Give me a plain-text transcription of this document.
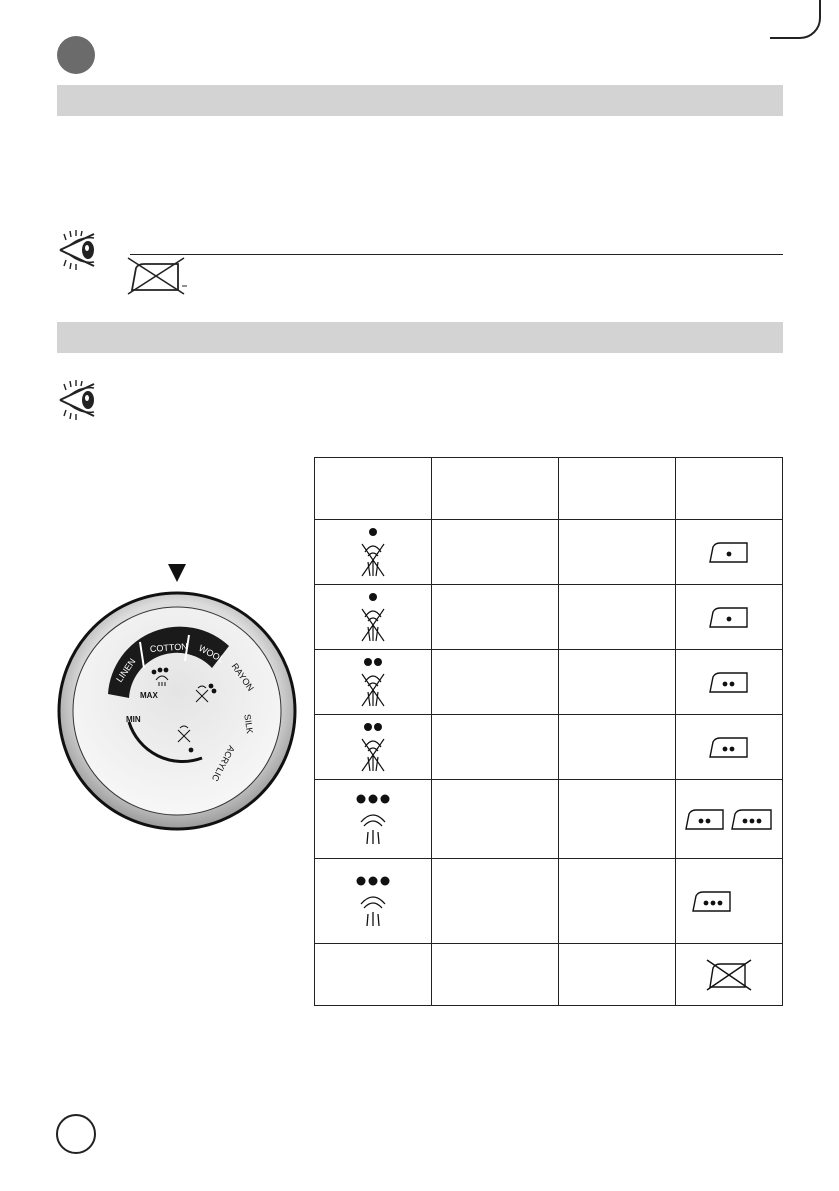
MAX
MIN
LINEN
COTTON WOOL
RAYON
SILK
ACRYLIC
